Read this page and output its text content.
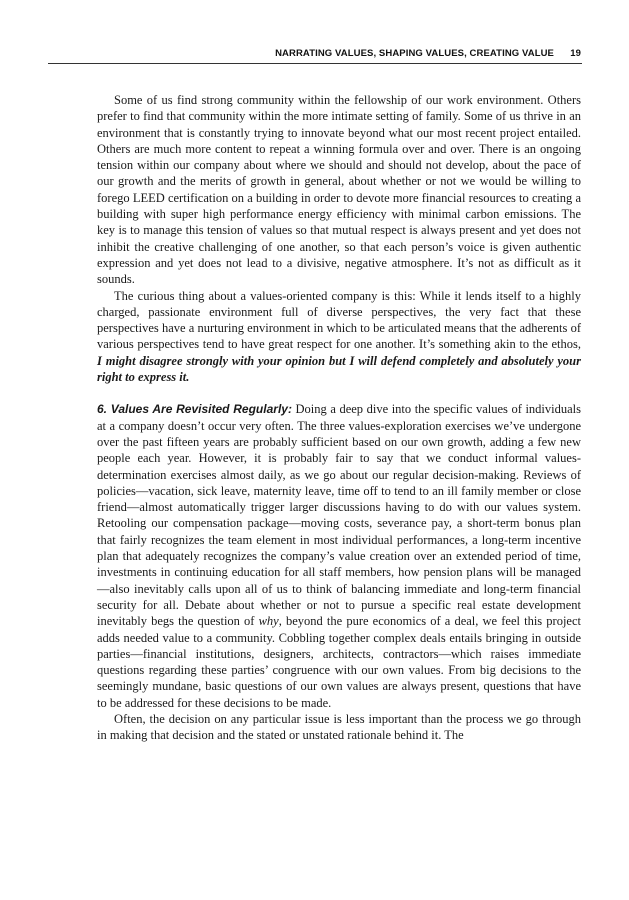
NARRATING VALUES, SHAPING VALUES, CREATING VALUE 19

Some of us find strong community within the fellowship of our work environment. Others prefer to find that community within the more intimate setting of family. Some of us thrive in an environment that is constantly trying to innovate beyond what our most recent project entailed. Others are much more content to repeat a winning formula over and over. There is an ongoing tension within our company about where we should and should not develop, about the pace of our growth and the merits of growth in general, about whether or not we would be willing to forego LEED certification on a building in order to devote more financial resources to creating a building with super high performance energy efficiency with minimal carbon emissions. The key is to manage this tension of values so that mutual respect is always present and yet does not inhibit the creative challenging of one another, so that each person’s voice is given authentic expression and yet does not lead to a divisive, negative atmosphere. It’s not as difficult as it sounds.

The curious thing about a values-oriented company is this: While it lends itself to a highly charged, passionate environment full of diverse perspectives, the very fact that these perspectives have a nurturing environment in which to be articulated means that the adherents of various perspectives tend to have great respect for one another. It’s something akin to the ethos, I might disagree strongly with your opinion but I will defend completely and absolutely your right to express it.

6. Values Are Revisited Regularly: Doing a deep dive into the specific values of individuals at a company doesn’t occur very often. The three values-exploration exercises we’ve undergone over the past fifteen years are probably sufficient based on our own growth, adding a few new people each year. However, it is probably fair to say that we conduct informal values-determination exercises almost daily, as we go about our regular decision-making. Reviews of policies—vacation, sick leave, maternity leave, time off to tend to an ill family member or close friend—almost automatically trigger larger discussions having to do with our values system. Retooling our compensation package—moving costs, severance pay, a short-term bonus plan that fairly recognizes the team element in most individual performances, a long-term incentive plan that adequately recognizes the company’s value creation over an extended period of time, investments in continuing education for all staff members, how pension plans will be managed—also inevitably calls upon all of us to think of balancing immediate and long-term financial security for all. Debate about whether or not to pursue a specific real estate development inevitably begs the question of why, beyond the pure economics of a deal, we feel this project adds needed value to a community. Cobbling together complex deals entails bringing in outside parties—financial institutions, designers, architects, contractors—which raises immediate questions regarding these parties’ congruence with our own values. From big decisions to the seemingly mundane, basic questions of our own values are always present, questions that have to be addressed for these decisions to be made.

Often, the decision on any particular issue is less important than the process we go through in making that decision and the stated or unstated rationale behind it. The
